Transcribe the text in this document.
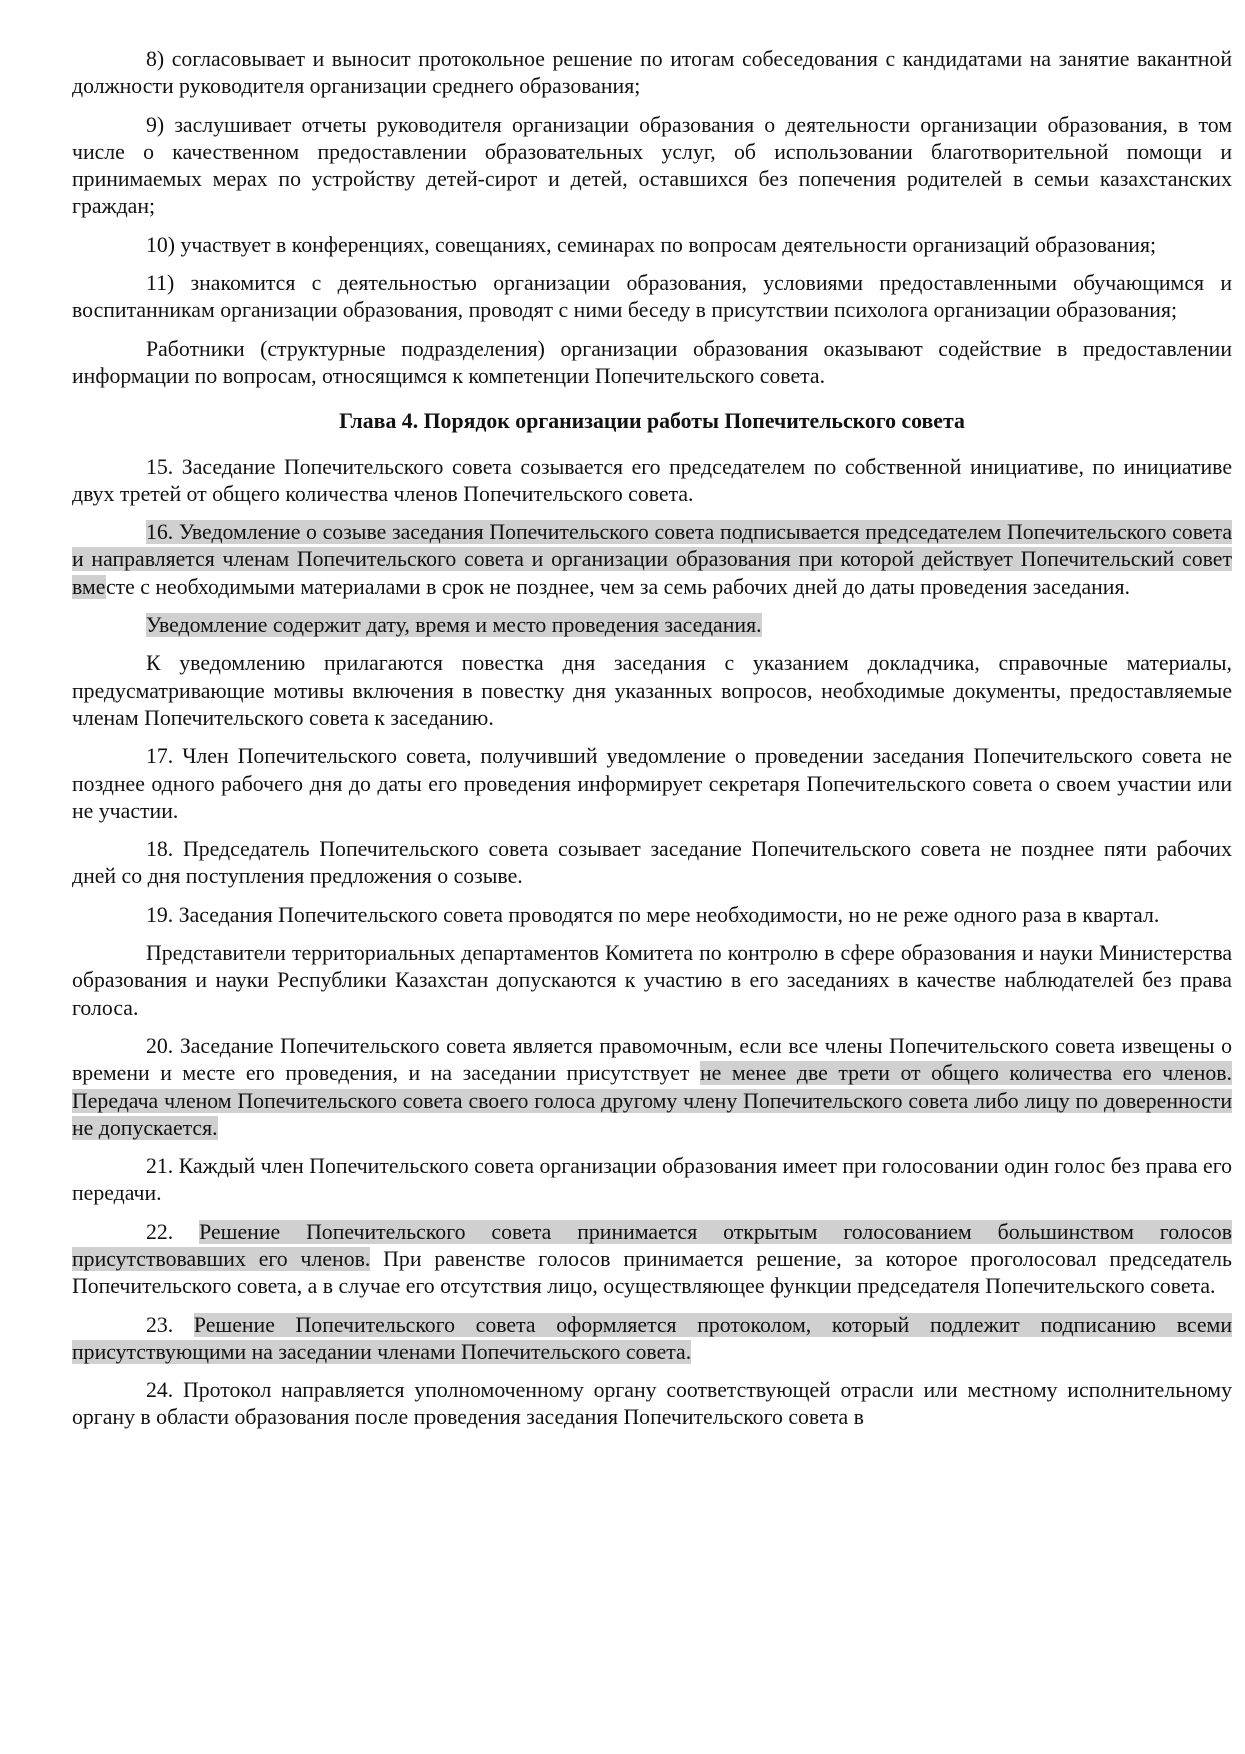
8) согласовывает и выносит протокольное решение по итогам собеседования с кандидатами на занятие вакантной должности руководителя организации среднего образования;

9) заслушивает отчеты руководителя организации образования о деятельности организации образования, в том числе о качественном предоставлении образовательных услуг, об использовании благотворительной помощи и принимаемых мерах по устройству детей-сирот и детей, оставшихся без попечения родителей в семьи казахстанских граждан;

10) участвует в конференциях, совещаниях, семинарах по вопросам деятельности организаций образования;

11) знакомится с деятельностью организации образования, условиями предоставленными обучающимся и воспитанникам организации образования, проводят с ними беседу в присутствии психолога организации образования;

Работники (структурные подразделения) организации образования оказывают содействие в предоставлении информации по вопросам, относящимся к компетенции Попечительского совета.

Глава 4. Порядок организации работы Попечительского совета

15. Заседание Попечительского совета созывается его председателем по собственной инициативе, по инициативе двух третей от общего количества членов Попечительского совета.

16. Уведомление о созыве заседания Попечительского совета подписывается председателем Попечительского совета и направляется членам Попечительского совета и организации образования при которой действует Попечительский совет вместе с необходимыми материалами в срок не позднее, чем за семь рабочих дней до даты проведения заседания.

Уведомление содержит дату, время и место проведения заседания.

К уведомлению прилагаются повестка дня заседания с указанием докладчика, справочные материалы, предусматривающие мотивы включения в повестку дня указанных вопросов, необходимые документы, предоставляемые членам Попечительского совета к заседанию.

17. Член Попечительского совета, получивший уведомление о проведении заседания Попечительского совета не позднее одного рабочего дня до даты его проведения информирует секретаря Попечительского совета о своем участии или не участии.

18. Председатель Попечительского совета созывает заседание Попечительского совета не позднее пяти рабочих дней со дня поступления предложения о созыве.

19. Заседания Попечительского совета проводятся по мере необходимости, но не реже одного раза в квартал.

Представители территориальных департаментов Комитета по контролю в сфере образования и науки Министерства образования и науки Республики Казахстан допускаются к участию в его заседаниях в качестве наблюдателей без права голоса.

20. Заседание Попечительского совета является правомочным, если все члены Попечительского совета извещены о времени и месте его проведения, и на заседании присутствует не менее две трети от общего количества его членов. Передача членом Попечительского совета своего голоса другому члену Попечительского совета либо лицу по доверенности не допускается.

21. Каждый член Попечительского совета организации образования имеет при голосовании один голос без права его передачи.

22. Решение Попечительского совета принимается открытым голосованием большинством голосов присутствовавших его членов. При равенстве голосов принимается решение, за которое проголосовал председатель Попечительского совета, а в случае его отсутствия лицо, осуществляющее функции председателя Попечительского совета.

23. Решение Попечительского совета оформляется протоколом, который подлежит подписанию всеми присутствующими на заседании членами Попечительского совета.

24. Протокол направляется уполномоченному органу соответствующей отрасли или местному исполнительному органу в области образования после проведения заседания Попечительского совета в
